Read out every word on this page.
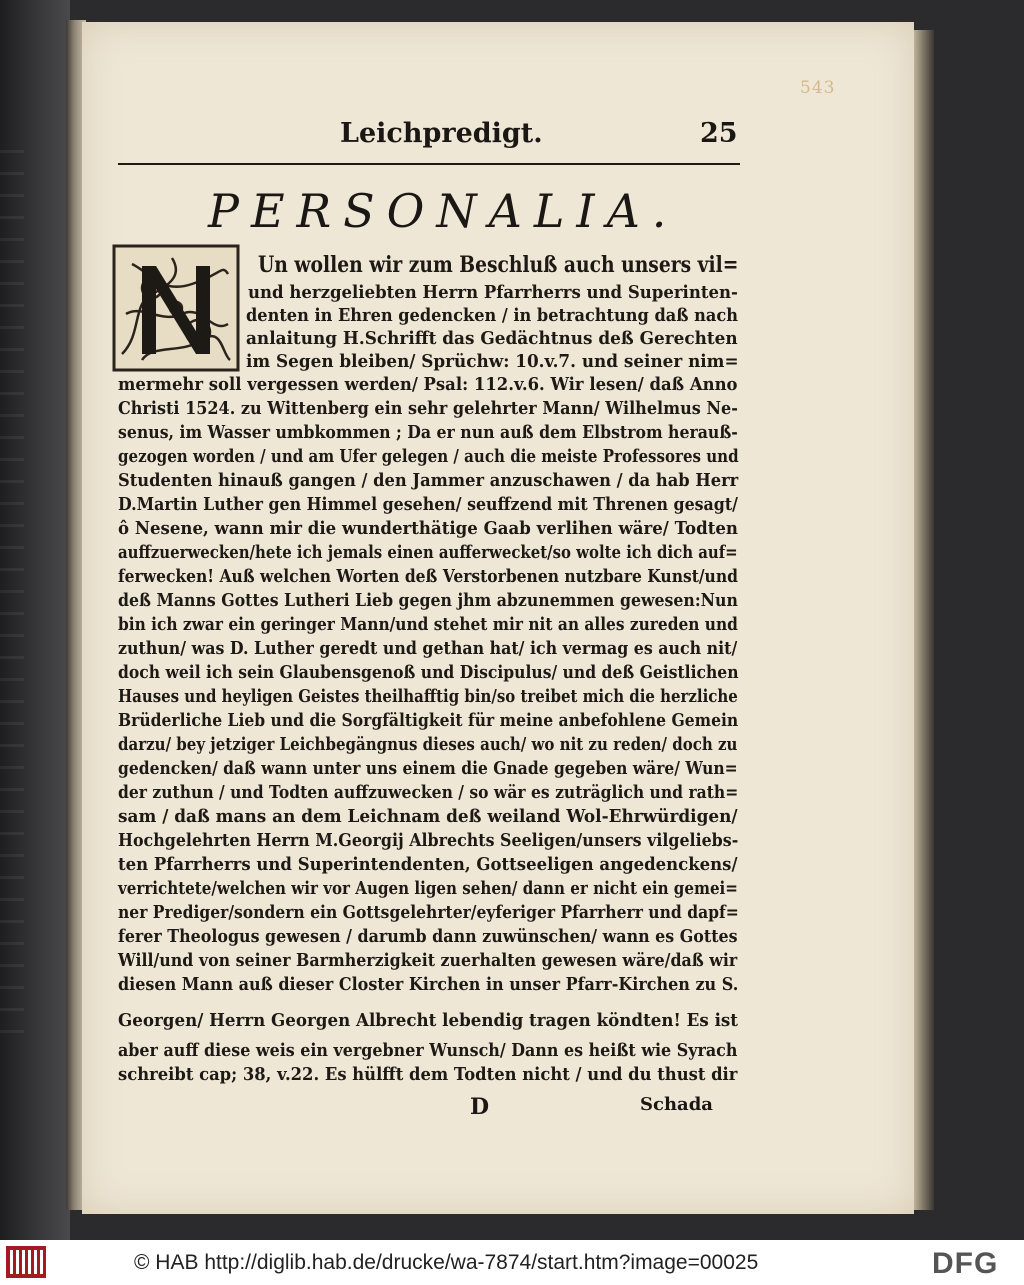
543
Leichpredigt.	25
PERSONALIA.
Un wollen wir zum Beschluß auch unsers vil=
und herzgeliebten Herrn Pfarrherrs und Superinten-
denten in Ehren gedencken / in betrachtung daß nach
anlaitung H.Schrifft das Gedächtnus deß Gerechten
im Segen bleiben/ Sprüchw: 10.v.7. und seiner nim=
mermehr soll vergessen werden/ Psal: 112.v.6. Wir lesen/ daß Anno
Christi 1524. zu Wittenberg ein sehr gelehrter Mann/ Wilhelmus Ne-
senus, im Wasser umbkommen ; Da er nun auß dem Elbstrom herauß-
gezogen worden / und am Ufer gelegen / auch die meiste Professores und
Studenten hinauß gangen / den Jammer anzuschawen / da hab Herr
D.Martin Luther gen Himmel gesehen/ seuffzend mit Threnen gesagt/
ô Nesene, wann mir die wunderthätige Gaab verlihen wäre/ Todten
auffzuerwecken/hete ich jemals einen aufferwecket/so wolte ich dich auf=
ferwecken! Auß welchen Worten deß Verstorbenen nutzbare Kunst/und
deß Manns Gottes Lutheri Lieb gegen jhm abzunemmen gewesen:Nun
bin ich zwar ein geringer Mann/und stehet mir nit an alles zureden und
zuthun/ was D. Luther geredt und gethan hat/ ich vermag es auch nit/
doch weil ich sein Glaubensgenoß und Discipulus/ und deß Geistlichen
Hauses und heyligen Geistes theilhafftig bin/so treibet mich die herzliche
Brüderliche Lieb und die Sorgfältigkeit für meine anbefohlene Gemein
darzu/ bey jetziger Leichbegängnus dieses auch/ wo nit zu reden/ doch zu
gedencken/ daß wann unter uns einem die Gnade gegeben wäre/ Wun=
der zuthun / und Todten auffzuwecken / so wär es zuträglich und rath=
sam / daß mans an dem Leichnam deß weiland Wol-Ehrwürdigen/
Hochgelehrten Herrn M.Georgij Albrechts Seeligen/unsers vilgeliebs-
ten Pfarrherrs und Superintendenten, Gottseeligen angedenckens/
verrichtete/welchen wir vor Augen ligen sehen/ dann er nicht ein gemei=
ner Prediger/sondern ein Gottsgelehrter/eyferiger Pfarrherr und dapf=
ferer Theologus gewesen / darumb dann zuwünschen/ wann es Gottes
Will/und von seiner Barmherzigkeit zuerhalten gewesen wäre/daß wir
diesen Mann auß dieser Closter Kirchen in unser Pfarr-Kirchen zu S.
Georgen/ Herrn Georgen Albrecht lebendig tragen köndten! Es ist
aber auff diese weis ein vergebner Wunsch/ Dann es heißt wie Syrach
schreibt cap; 38, v.22. Es hülfft dem Todten nicht / und du thust dir
D	Schada
© HAB http://diglib.hab.de/drucke/wa-7874/start.htm?image=00025	DFG
